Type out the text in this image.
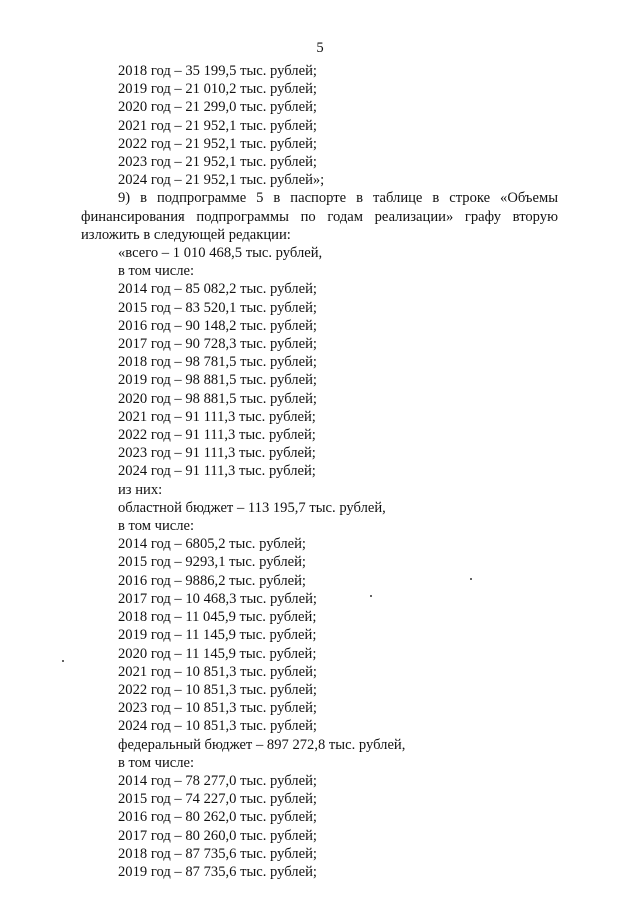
5
2018 год – 35 199,5 тыс. рублей;
2019 год – 21 010,2 тыс. рублей;
2020 год – 21 299,0 тыс. рублей;
2021 год – 21 952,1 тыс. рублей;
2022 год – 21 952,1 тыс. рублей;
2023 год – 21 952,1 тыс. рублей;
2024 год – 21 952,1 тыс. рублей»;
9) в подпрограмме 5 в паспорте в таблице в строке «Объемы финансирования подпрограммы по годам реализации» графу вторую изложить в следующей редакции:
«всего – 1 010 468,5 тыс. рублей,
в том числе:
2014 год – 85 082,2 тыс. рублей;
2015 год – 83 520,1 тыс. рублей;
2016 год – 90 148,2 тыс. рублей;
2017 год – 90 728,3 тыс. рублей;
2018 год – 98 781,5 тыс. рублей;
2019 год – 98 881,5 тыс. рублей;
2020 год – 98 881,5 тыс. рублей;
2021 год – 91 111,3 тыс. рублей;
2022 год – 91 111,3 тыс. рублей;
2023 год – 91 111,3 тыс. рублей;
2024 год – 91 111,3 тыс. рублей;
из них:
областной бюджет – 113 195,7 тыс. рублей,
в том числе:
2014 год – 6805,2 тыс. рублей;
2015 год – 9293,1 тыс. рублей;
2016 год – 9886,2 тыс. рублей;
2017 год – 10 468,3 тыс. рублей;
2018 год – 11 045,9 тыс. рублей;
2019 год – 11 145,9 тыс. рублей;
2020 год – 11 145,9 тыс. рублей;
2021 год – 10 851,3 тыс. рублей;
2022 год – 10 851,3 тыс. рублей;
2023 год – 10 851,3 тыс. рублей;
2024 год – 10 851,3 тыс. рублей;
федеральный бюджет – 897 272,8 тыс. рублей,
в том числе:
2014 год – 78 277,0 тыс. рублей;
2015 год – 74 227,0 тыс. рублей;
2016 год – 80 262,0 тыс. рублей;
2017 год – 80 260,0 тыс. рублей;
2018 год – 87 735,6 тыс. рублей;
2019 год – 87 735,6 тыс. рублей;
